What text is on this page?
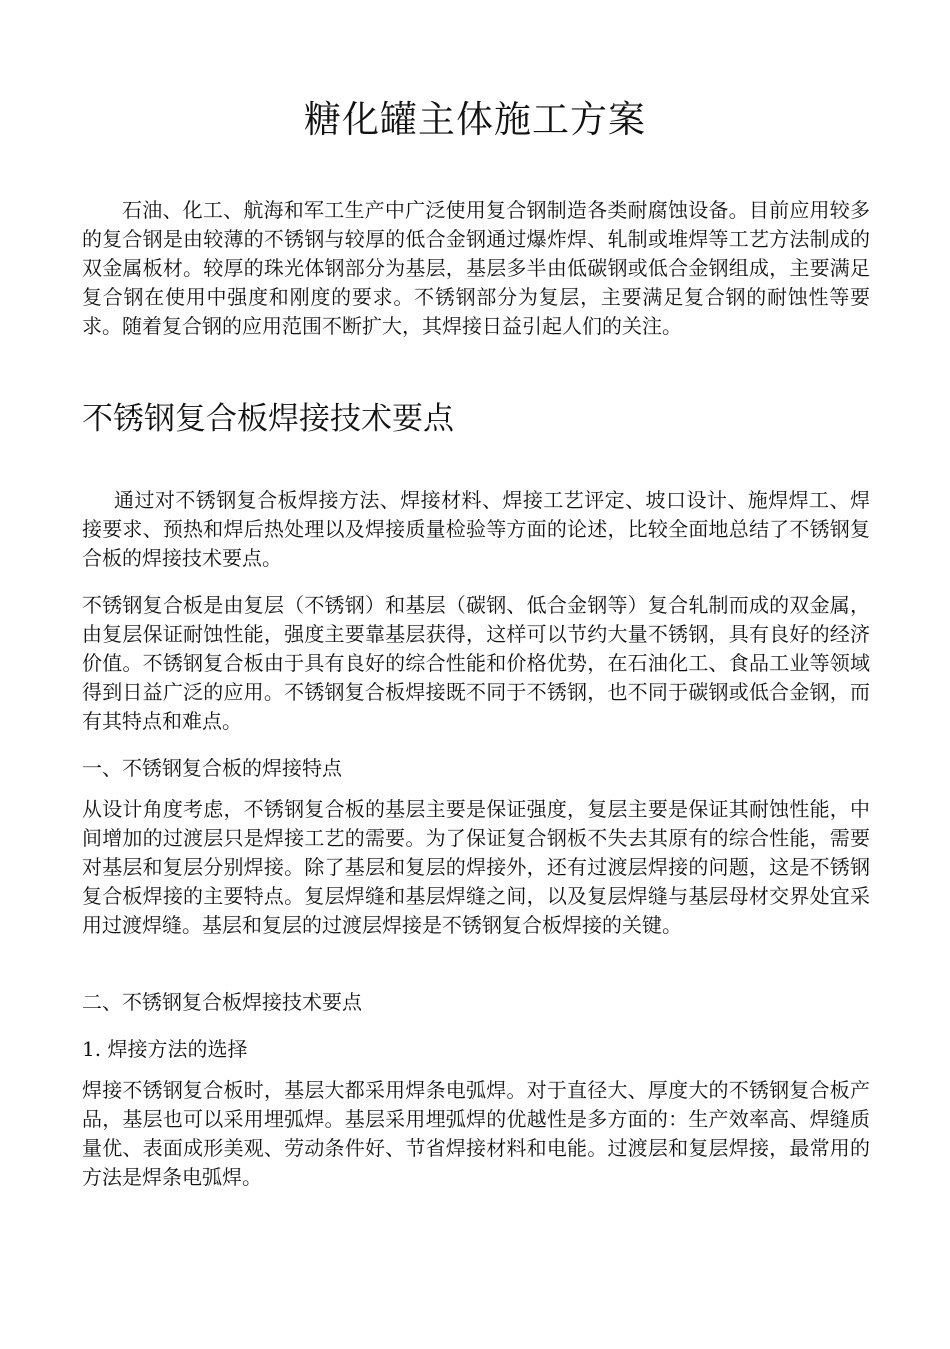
糖化罐主体施工方案

石油、化工、航海和军工生产中广泛使用复合钢制造各类耐腐蚀设备。目前应用较多的复合钢是由较薄的不锈钢与较厚的低合金钢通过爆炸焊、轧制或堆焊等工艺方法制成的双金属板材。较厚的珠光体钢部分为基层，基层多半由低碳钢或低合金钢组成，主要满足复合钢在使用中强度和刚度的要求。不锈钢部分为复层，主要满足复合钢的耐蚀性等要求。随着复合钢的应用范围不断扩大，其焊接日益引起人们的关注。

不锈钢复合板焊接技术要点

通过对不锈钢复合板焊接方法、焊接材料、焊接工艺评定、坡口设计、施焊焊工、焊接要求、预热和焊后热处理以及焊接质量检验等方面的论述，比较全面地总结了不锈钢复合板的焊接技术要点。

不锈钢复合板是由复层（不锈钢）和基层（碳钢、低合金钢等）复合轧制而成的双金属，由复层保证耐蚀性能，强度主要靠基层获得，这样可以节约大量不锈钢，具有良好的经济价值。不锈钢复合板由于具有良好的综合性能和价格优势，在石油化工、食品工业等领域得到日益广泛的应用。不锈钢复合板焊接既不同于不锈钢，也不同于碳钢或低合金钢，而有其特点和难点。

一、不锈钢复合板的焊接特点

从设计角度考虑，不锈钢复合板的基层主要是保证强度，复层主要是保证其耐蚀性能，中间增加的过渡层只是焊接工艺的需要。为了保证复合钢板不失去其原有的综合性能，需要对基层和复层分别焊接。除了基层和复层的焊接外，还有过渡层焊接的问题，这是不锈钢复合板焊接的主要特点。复层焊缝和基层焊缝之间，以及复层焊缝与基层母材交界处宜采用过渡焊缝。基层和复层的过渡层焊接是不锈钢复合板焊接的关键。

二、不锈钢复合板焊接技术要点

1. 焊接方法的选择

焊接不锈钢复合板时，基层大都采用焊条电弧焊。对于直径大、厚度大的不锈钢复合板产品，基层也可以采用埋弧焊。基层采用埋弧焊的优越性是多方面的：生产效率高、焊缝质量优、表面成形美观、劳动条件好、节省焊接材料和电能。过渡层和复层焊接，最常用的方法是焊条电弧焊。
